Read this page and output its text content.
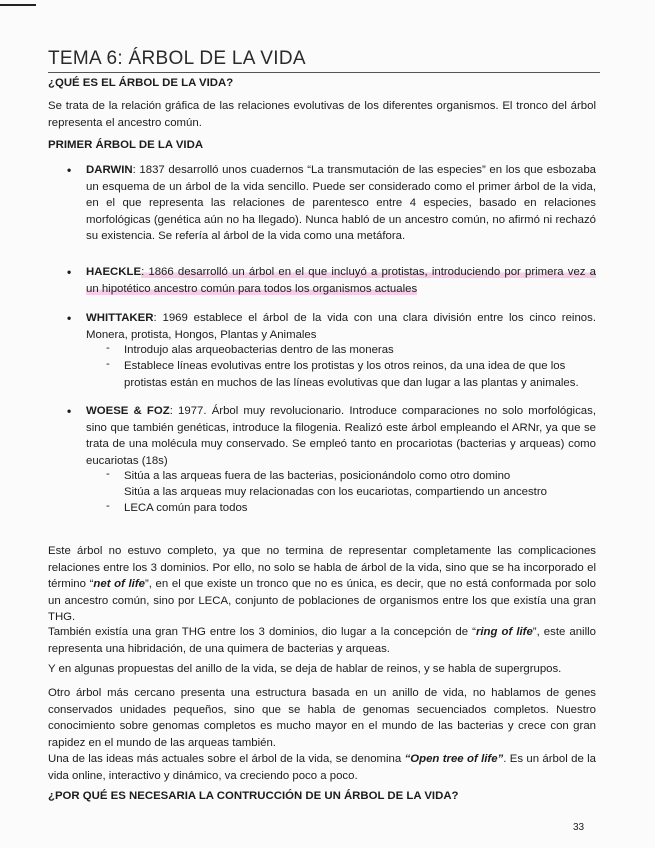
TEMA 6: ÁRBOL DE LA VIDA
¿QUÉ ES EL ÁRBOL DE LA VIDA?
Se trata de la relación gráfica de las relaciones evolutivas de los diferentes organismos. El tronco del árbol representa el ancestro común.
PRIMER ÁRBOL DE LA VIDA
• DARWIN: 1837 desarrolló unos cuadernos “La transmutación de las especies” en los que esbozaba un esquema de un árbol de la vida sencillo. Puede ser considerado como el primer árbol de la vida, en el que representa las relaciones de parentesco entre 4 especies, basado en relaciones morfológicas (genética aún no ha llegado). Nunca habló de un ancestro común, no afirmó ni rechazó su existencia. Se refería al árbol de la vida como una metáfora.
• HAECKLE: 1866 desarrolló un árbol en el que incluyó a protistas, introduciendo por primera vez a un hipotético ancestro común para todos los organismos actuales
• WHITTAKER: 1969 establece el árbol de la vida con una clara división entre los cinco reinos. Monera, protista, Hongos, Plantas y Animales
- Introdujo alas arqueobacterias dentro de las moneras
- Establece líneas evolutivas entre los protistas y los otros reinos, da una idea de que los protistas están en muchos de las líneas evolutivas que dan lugar a las plantas y animales.
• WOESE & FOZ: 1977. Árbol muy revolucionario. Introduce comparaciones no solo morfológicas, sino que también genéticas, introduce la filogenia. Realizó este árbol empleando el ARNr, ya que se trata de una molécula muy conservado. Se empleó tanto en procariotas (bacterias y arqueas) como eucariotas (18s)
- Sitúa a las arqueas fuera de las bacterias, posicionándolo como otro domino
Sitúa a las arqueas muy relacionadas con los eucariotas, compartiendo un ancestro
- LECA común para todos
Este árbol no estuvo completo, ya que no termina de representar completamente las complicaciones relaciones entre los 3 dominios. Por ello, no solo se habla de árbol de la vida, sino que se ha incorporado el término “net of life”, en el que existe un tronco que no es única, es decir, que no está conformada por solo un ancestro común, sino por LECA, conjunto de poblaciones de organismos entre los que existía una gran THG.
También existía una gran THG entre los 3 dominios, dio lugar a la concepción de “ring of life”, este anillo representa una hibridación, de una quimera de bacterias y arqueas.
Y en algunas propuestas del anillo de la vida, se deja de hablar de reinos, y se habla de supergrupos.
Otro árbol más cercano presenta una estructura basada en un anillo de vida, no hablamos de genes conservados unidades pequeños, sino que se habla de genomas secuenciados completos. Nuestro conocimiento sobre genomas completos es mucho mayor en el mundo de las bacterias y crece con gran rapidez en el mundo de las arqueas también.
Una de las ideas más actuales sobre el árbol de la vida, se denomina “Open tree of life”. Es un árbol de la vida online, interactivo y dinámico, va creciendo poco a poco.
¿POR QUÉ ES NECESARIA LA CONTRUCCIÓN DE UN ÁRBOL DE LA VIDA?
33
